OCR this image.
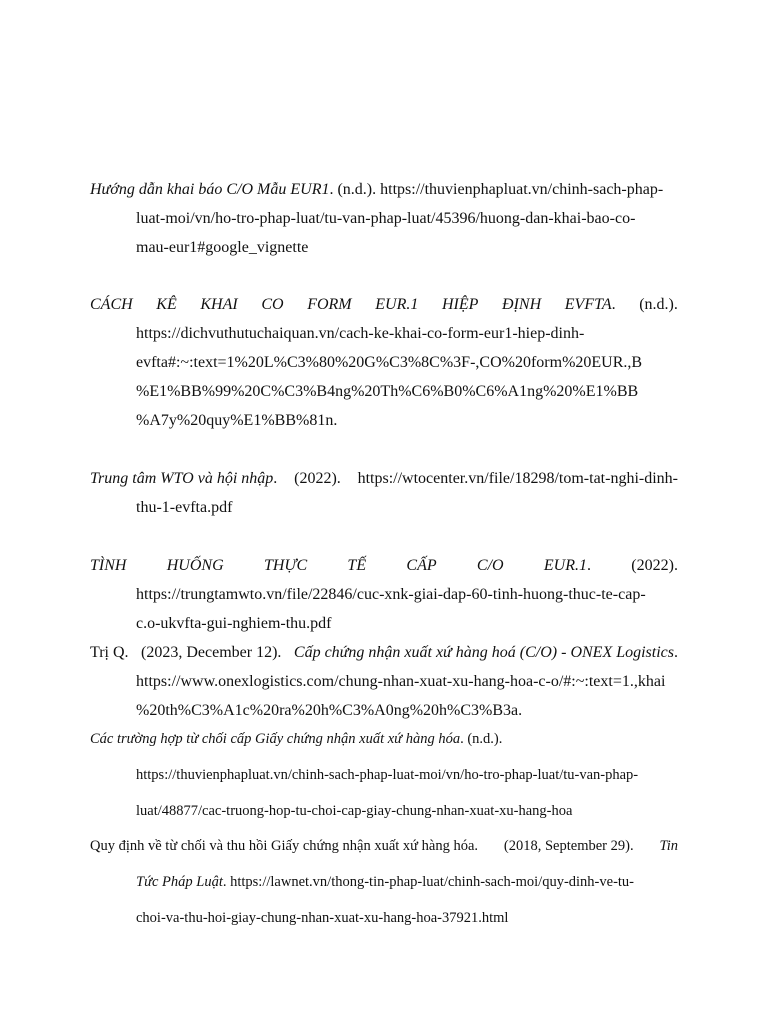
Hướng dẫn khai báo C/O Mẫu EUR1. (n.d.). https://thuvienphapluat.vn/chinh-sach-phap-
luat-moi/vn/ho-tro-phap-luat/tu-van-phap-luat/45396/huong-dan-khai-bao-co-
mau-eur1#google_vignette
CÁCH KÊ KHAI CO FORM EUR.1 HIỆP ĐỊNH EVFTA. (n.d.).
https://dichvuthutuchaiquan.vn/cach-ke-khai-co-form-eur1-hiep-dinh-
evfta#:~:text=1%20L%C3%80%20G%C3%8C%3F-,CO%20form%20EUR.,B
%E1%BB%99%20C%C3%B4ng%20Th%C6%B0%C6%A1ng%20%E1%BB
%A7y%20quy%E1%BB%81n.
Trung tâm WTO và hội nhập. (2022). https://wtocenter.vn/file/18298/tom-tat-nghi-dinh-
thu-1-evfta.pdf
TÌNH	HUỐNG	THỰC	TẾ	CẤP	C/O	EUR.1.	(2022).
https://trungtamwto.vn/file/22846/cuc-xnk-giai-dap-60-tinh-huong-thuc-te-cap-
c.o-ukvfta-gui-nghiem-thu.pdf
Trị Q. (2023, December 12). Cấp chứng nhận xuất xứ hàng hoá (C/O) - ONEX Logistics.
https://www.onexlogistics.com/chung-nhan-xuat-xu-hang-hoa-c-o/#:~:text=1.,khai
%20th%C3%A1c%20ra%20h%C3%A0ng%20h%C3%B3a.
Các trường hợp từ chối cấp Giấy chứng nhận xuất xứ hàng hóa. (n.d.).
https://thuvienphapluat.vn/chinh-sach-phap-luat-moi/vn/ho-tro-phap-luat/tu-van-phap-
luat/48877/cac-truong-hop-tu-choi-cap-giay-chung-nhan-xuat-xu-hang-hoa
Quy định về từ chối và thu hồi Giấy chứng nhận xuất xứ hàng hóa. (2018, September 29). Tin
Tức Pháp Luật. https://lawnet.vn/thong-tin-phap-luat/chinh-sach-moi/quy-dinh-ve-tu-
choi-va-thu-hoi-giay-chung-nhan-xuat-xu-hang-hoa-37921.html
